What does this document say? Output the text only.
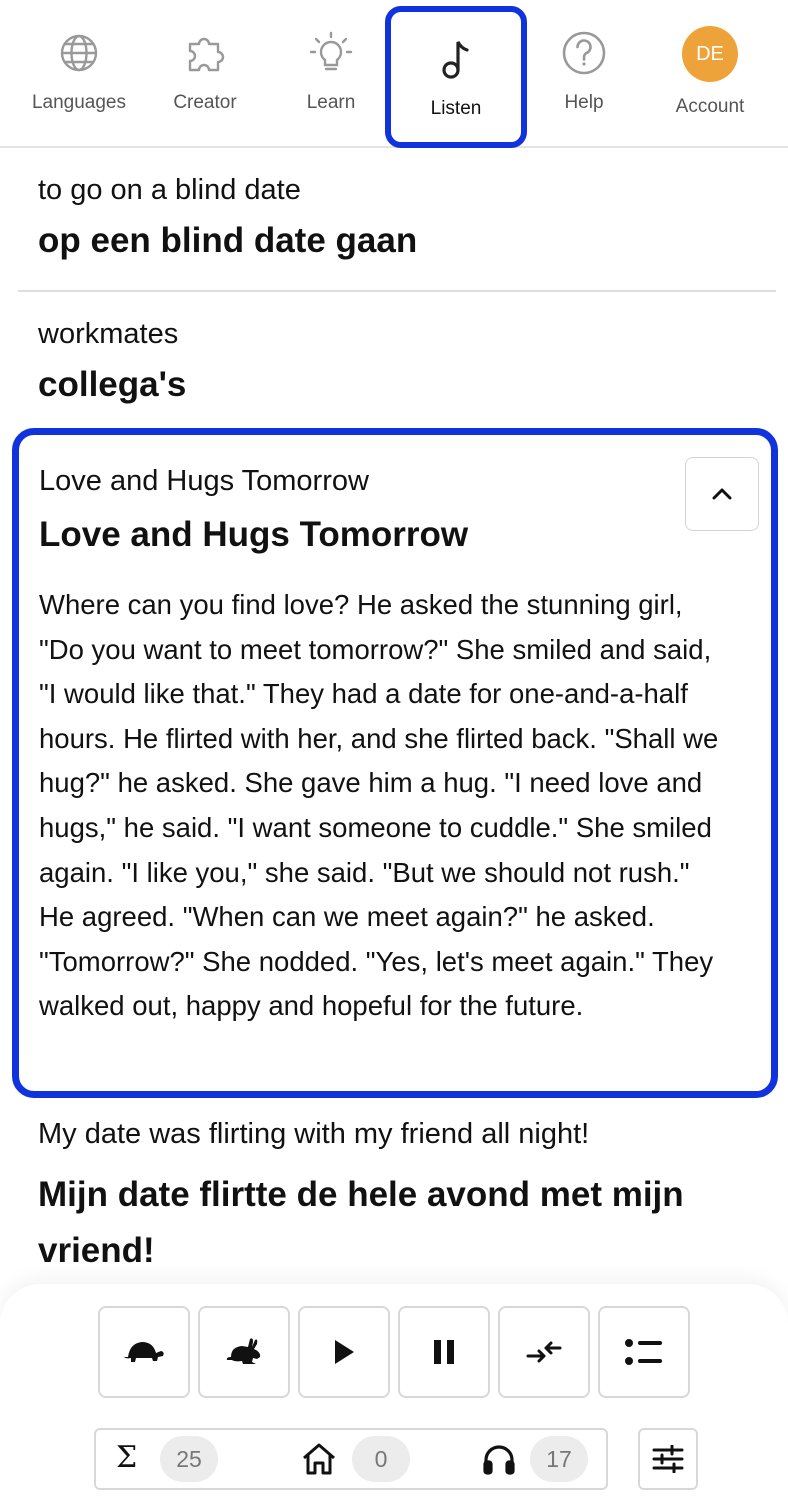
Languages	Creator	Learn	Listen	Help
DE
Account
to go on a blind date
op een blind date gaan
workmates
collega's
Love and Hugs Tomorrow
Love and Hugs Tomorrow
Where can you find love? He asked the stunning girl, "Do you want to meet tomorrow?" She smiled and said, "I would like that." They had a date for one-and-a-half hours. He flirted with her, and she flirted back. "Shall we hug?" he asked. She gave him a hug. "I need love and hugs," he said. "I want someone to cuddle." She smiled again. "I like you," she said. "But we should not rush." He agreed. "When can we meet again?" he asked. "Tomorrow?" She nodded. "Yes, let's meet again." They walked out, happy and hopeful for the future.
My date was flirting with my friend all night!
Mijn date flirtte de hele avond met mijn vriend!
Σ	25	0	17
